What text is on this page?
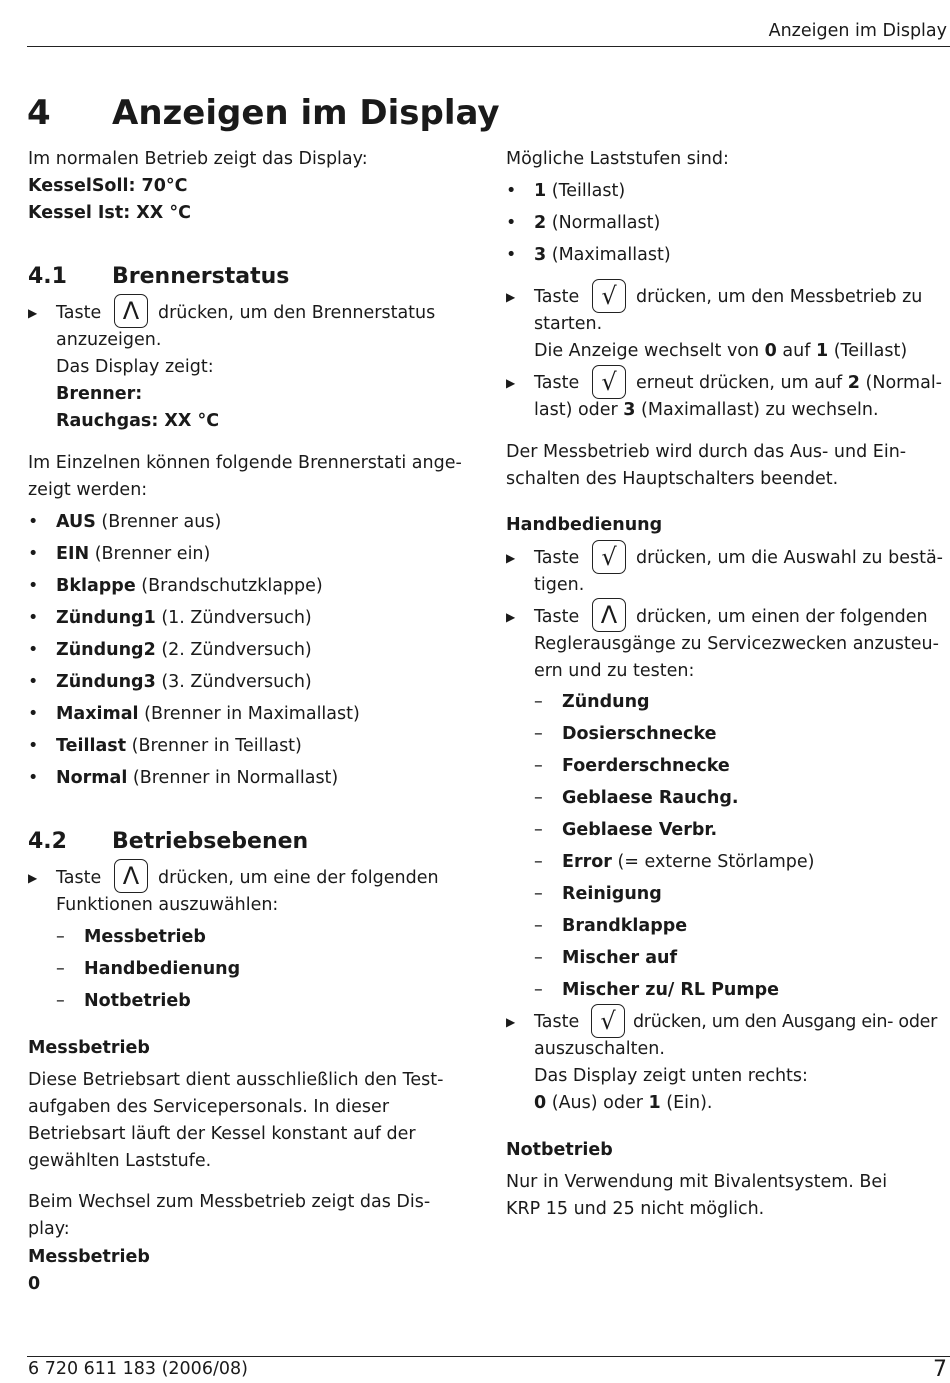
Anzeigen im Display
4 Anzeigen im Display
Im normalen Betrieb zeigt das Display:
KesselSoll: 70°C
Kessel Ist: XX °C
4.1 Brennerstatus
▶ Taste Λ	drücken, um den Brennerstatus
anzuzeigen.
Das Display zeigt:
Brenner:
Rauchgas: XX °C
Im Einzelnen können folgende Brennerstati ange-
zeigt werden:
• AUS (Brenner aus)
• EIN (Brenner ein)
• Bklappe (Brandschutzklappe)
• Zündung1 (1. Zündversuch)
• Zündung2 (2. Zündversuch)
• Zündung3 (3. Zündversuch)
• Maximal (Brenner in Maximallast)
• Teillast (Brenner in Teillast)
• Normal (Brenner in Normallast)
4.2 Betriebsebenen
▶ Taste Λ	drücken, um eine der folgenden
Funktionen auszuwählen:
– Messbetrieb
– Handbedienung
– Notbetrieb
Messbetrieb
Diese Betriebsart dient ausschließlich den Test-
aufgaben des Servicepersonals. In dieser
Betriebsart läuft der Kessel konstant auf der
gewählten Laststufe.
Beim Wechsel zum Messbetrieb zeigt das Dis-
play:
Messbetrieb
0
Mögliche Laststufen sind:
• 1 (Teillast)
• 2 (Normallast)
• 3 (Maximallast)
▶ Taste √	drücken, um den Messbetrieb zu
starten.
Die Anzeige wechselt von 0 auf 1 (Teillast)
▶ Taste √	erneut drücken, um auf 2 (Normal-
last) oder 3 (Maximallast) zu wechseln.
Der Messbetrieb wird durch das Aus- und Ein-
schalten des Hauptschalters beendet.
Handbedienung
▶ Taste √	drücken, um die Auswahl zu bestä-
tigen.
▶ Taste Λ	drücken, um einen der folgenden
Reglerausgänge zu Servicezwecken anzusteu-
ern und zu testen:
– Zündung
– Dosierschnecke
– Foerderschnecke
– Geblaese Rauchg.
– Geblaese Verbr.
– Error (= externe Störlampe)
– Reinigung
– Brandklappe
– Mischer auf
– Mischer zu/ RL Pumpe
▶ Taste √ drücken, um den Ausgang ein- oder
auszuschalten.
Das Display zeigt unten rechts:
0 (Aus) oder 1 (Ein).
Notbetrieb
Nur in Verwendung mit Bivalentsystem. Bei
KRP 15 und 25 nicht möglich.
6 720 611 183 (2006/08)	7
